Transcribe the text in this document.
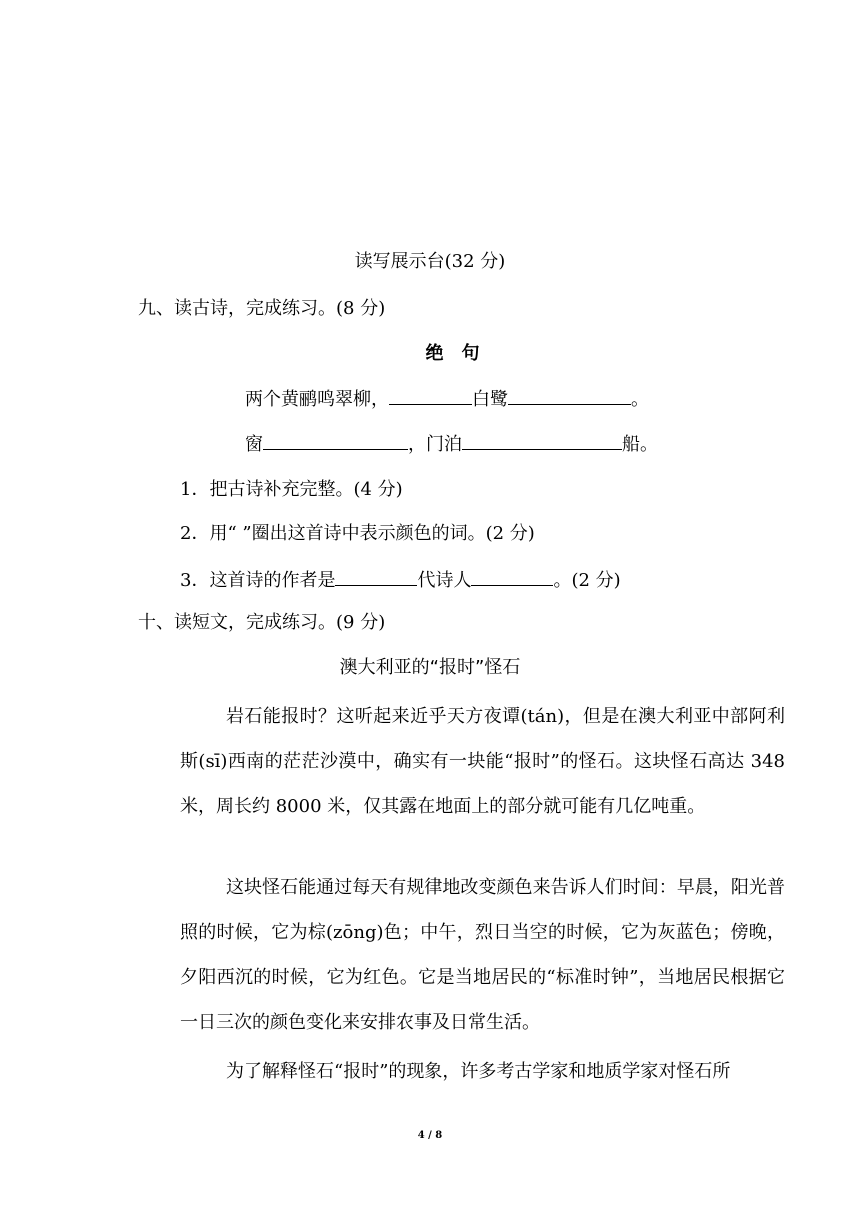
读写展示台(32 分)
九、读古诗，完成练习。(8 分)
绝 句
两个黄鹂鸣翠柳，	白鹭	。
窗	，门泊	船。
1．把古诗补充完整。(4 分)
2．用“ ”圈出这首诗中表示颜色的词。(2 分)
3．这首诗的作者是	代诗人	。(2 分)
十、读短文，完成练习。(9 分)
澳大利亚的“报时”怪石
岩石能报时？这听起来近乎天方夜谭(tán)，但是在澳大利亚中部阿利斯(sī)西南的茫茫沙漠中，确实有一块能“报时”的怪石。这块怪石高达 348 米，周长约 8000 米，仅其露在地面上的部分就可能有几亿吨重。
这块怪石能通过每天有规律地改变颜色来告诉人们时间：早晨，阳光普照的时候，它为棕(zōng)色；中午，烈日当空的时候，它为灰蓝色；傍晚，夕阳西沉的时候，它为红色。它是当地居民的“标准时钟”，当地居民根据它一日三次的颜色变化来安排农事及日常生活。
为了解释怪石“报时”的现象，许多考古学家和地质学家对怪石所
4 / 8
